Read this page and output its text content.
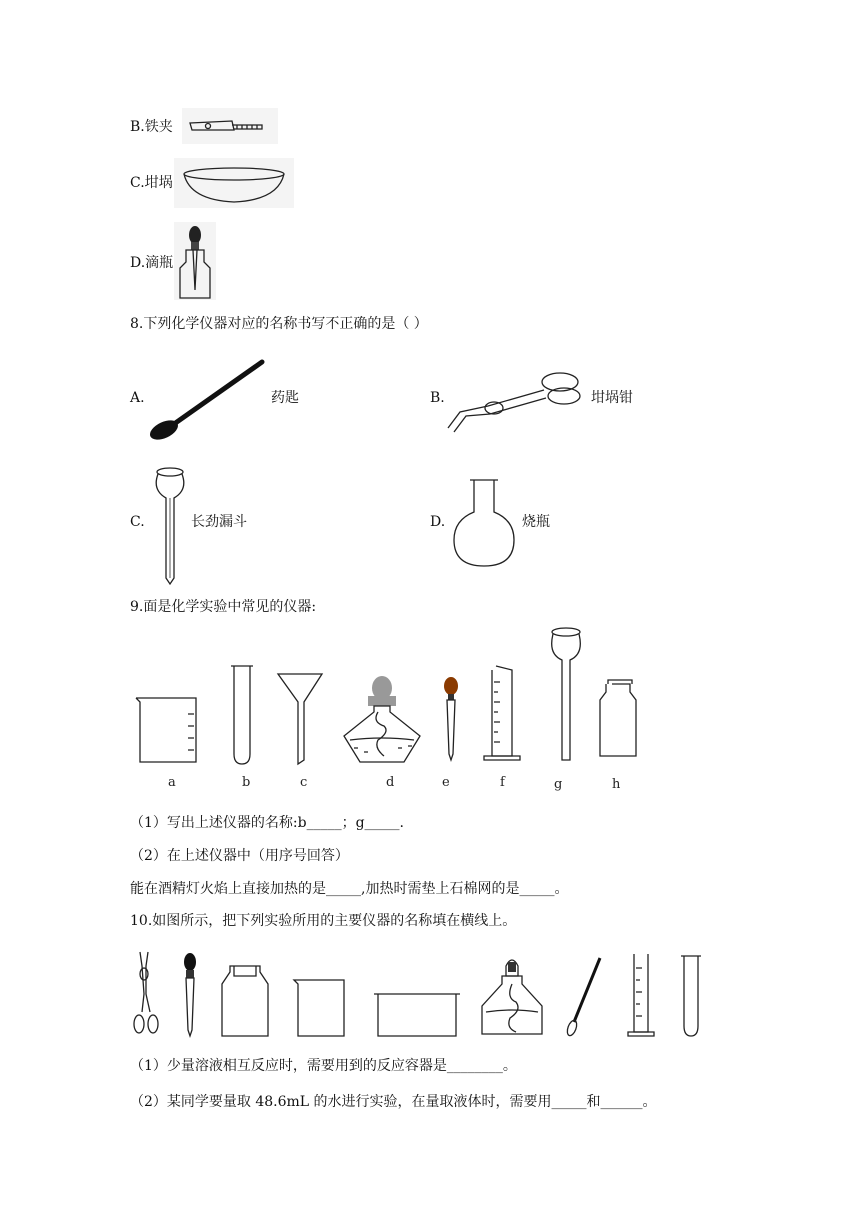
B.铁夹
C.坩埚
D.滴瓶
8.下列化学仪器对应的名称书写不正确的是（ ）
A.	药匙	B.	坩埚钳
C.	长劲漏斗	D.	烧瓶
9.面是化学实验中常见的仪器:
a	b	c	d	e	f	g	h
（1）写出上述仪器的名称:b_____；g_____.
（2）在上述仪器中（用序号回答）
能在酒精灯火焰上直接加热的是_____,加热时需垫上石棉网的是_____。
10.如图所示，把下列实验所用的主要仪器的名称填在横线上。
（1）少量溶液相互反应时，需要用到的反应容器是________。
（2）某同学要量取 48.6mL 的水进行实验，在量取液体时，需要用_____和______。
